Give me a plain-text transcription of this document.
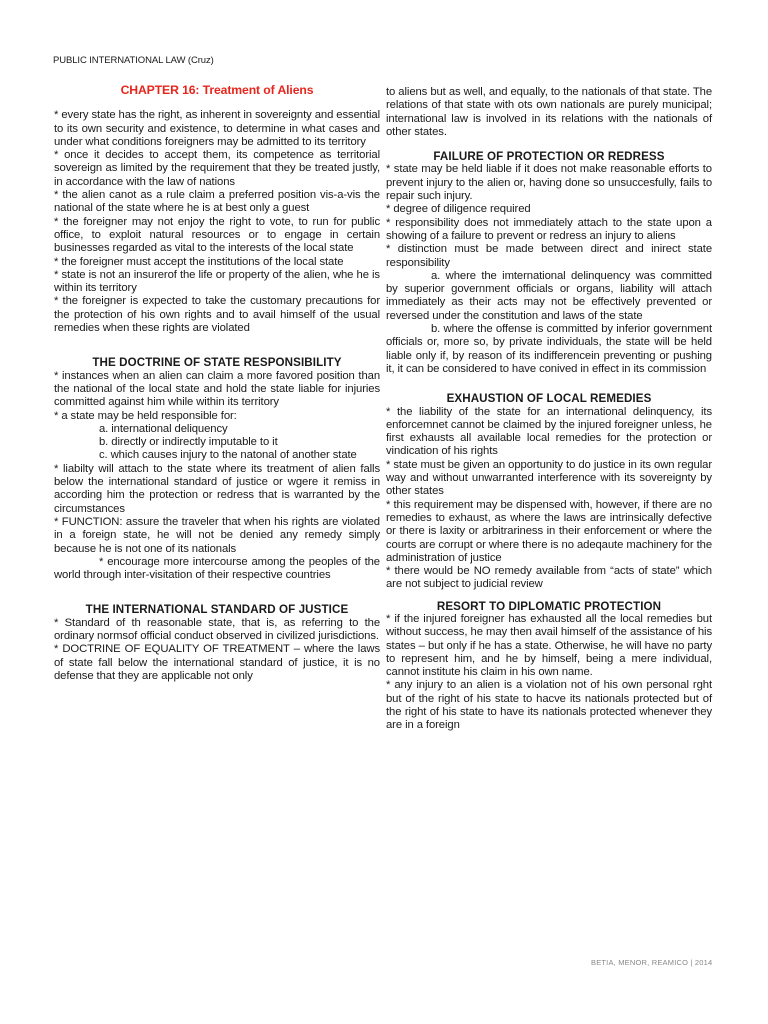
PUBLIC INTERNATIONAL LAW (Cruz)
CHAPTER 16: Treatment of Aliens

* every state has the right, as inherent in sovereignty and essential to its own security and existence, to determine in what cases and under what conditions foreigners may be admitted to its territory

* once it decides to accept them, its competence as territorial sovereign as limited by the requirement that they be treated justly, in accordance with the law of nations

* the alien canot as a rule claim a preferred position vis-a-vis the national of the state where he is at best only a guest

* the foreigner may not enjoy the right to vote, to run for public office, to exploit natural resources or to engage in certain businesses regarded as vital to the interests of the local state

* the foreigner must accept the institutions of the local state

* state is not an insurerof the life or property of the alien, whe he is within its territory

* the foreigner is expected to take the customary precautions for the protection of his own rights and to avail himself of the usual remedies when these rights are violated

THE DOCTRINE OF STATE RESPONSIBILITY

* instances when an alien can claim a more favored position than the national of the local state and hold the state liable for injuries committed against him while within its territory

* a state may be held responsible for:

a. international deliquency

b. directly or indirectly imputable to it

c. which causes injury to the natonal of another state

* liabilty will attach to the state where its treatment of alien falls below the international standard of justice or wgere it remiss in according him the protection or redress that is warranted by the circumstances

* FUNCTION: assure the traveler that when his rights are violated in a foreign state, he will not be denied any remedy simply because he is not one of its nationals

* encourage more intercourse among the peoples of the world through inter-visitation of their respective countries

THE INTERNATIONAL STANDARD OF JUSTICE

* Standard of th reasonable state, that is, as referring to the ordinary normsof official conduct observed in civilized jurisdictions.

* DOCTRINE OF EQUALITY OF TREATMENT – where the laws of state fall below the international standard of justice, it is no defense that they are applicable not only

to aliens but as well, and equally, to the nationals of that state. The relations of that state with ots own nationals are purely municipal; international law is involved in its relations with the nationals of other states.

FAILURE OF PROTECTION OR REDRESS

* state may be held liable if it does not make reasonable efforts to prevent injury to the alien or, having done so unsuccesfully, fails to repair such injury.

* degree of diligence required

* responsibility does not immediately attach to the state upon a showing of a failure to prevent or redress an injury to aliens

* distinction must be made between direct and inirect state responsibility

a. where the imternational delinquency was committed by superior government officials or organs, liability will attach immediately as their acts may not be effectively prevented or reversed under the constitution and laws of the state

b. where the offense is committed by inferior government officials or, more so, by private individuals, the state will be held liable only if, by reason of its indifferencein preventing or pushing it, it can be considered to have conived in effect in its commission

EXHAUSTION OF LOCAL REMEDIES

* the liability of the state for an international delinquency, its enforcemnet cannot be claimed by the injured foreigner unless, he first exhausts all available local remedies for the protection or vindication of his rights

* state must be given an opportunity to do justice in its own regular way and without unwarranted interference with its sovereignty by other states

* this requirement may be dispensed with, however, if there are no remedies to exhaust, as where the laws are intrinsically defective or there is laxity or arbitrariness in their enforcement or where the courts are corrupt or where there is no adeqaute machinery for the administration of justice

* there would be NO remedy available from “acts of state” which are not subject to judicial review

RESORT TO DIPLOMATIC PROTECTION

* if the injured foreigner has exhausted all the local remedies but without success, he may then avail himself of the assistance of his states – but only if he has a state. Otherwise, he will have no party to represent him, and he by himself, being a mere individual, cannot institute his claim in his own name.

* any injury to an alien is a violation not of his own personal rght but of the right of his state to hacve its nationals protected but of the right of his state to have its nationals protected whenever they are in a foreign

BETIA, MENOR, REAMICO | 2014
